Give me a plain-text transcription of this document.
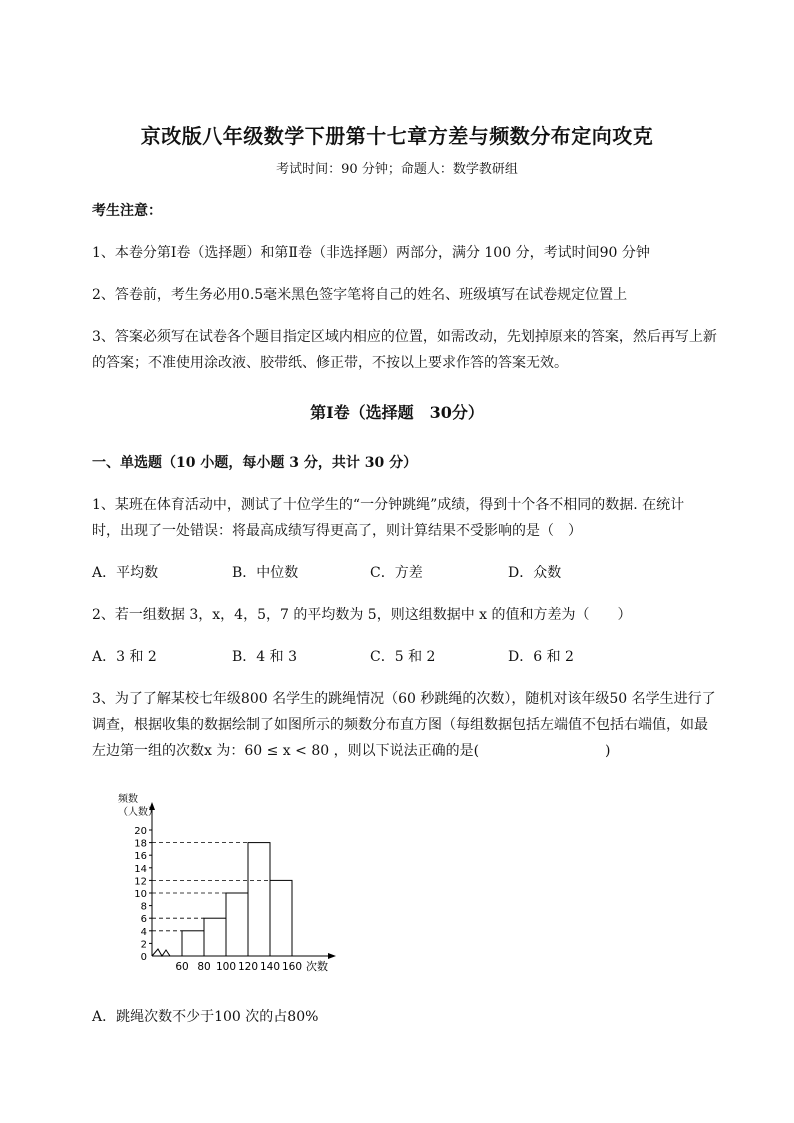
京改版八年级数学下册第十七章方差与频数分布定向攻克
考试时间：90 分钟；命题人：数学教研组
考生注意：
1、本卷分第Ⅰ卷（选择题）和第Ⅱ卷（非选择题）两部分，满分 100 分，考试时间90 分钟
2、答卷前，考生务必用0.5毫米黑色签字笔将自己的姓名、班级填写在试卷规定位置上
3、答案必须写在试卷各个题目指定区域内相应的位置，如需改动，先划掉原来的答案，然后再写上新
的答案；不准使用涂改液、胶带纸、修正带，不按以上要求作答的答案无效。
第Ⅰ卷（选择题　30分）
一、单选题（10 小题，每小题 3 分，共计 30 分）
1、某班在体育活动中，测试了十位学生的“一分钟跳绳”成绩，得到十个各不相同的数据. 在统计
时，出现了一处错误：将最高成绩写得更高了，则计算结果不受影响的是（　）
A．平均数	B．中位数	C．方差	D．众数
2、若一组数据 3，x，4，5，7 的平均数为 5，则这组数据中 x 的值和方差为（　　）
A．3 和 2	B．4 和 3	C．5 和 2	D．6 和 2
3、为了了解某校七年级800 名学生的跳绳情况（60 秒跳绳的次数），随机对该年级50 名学生进行了
调查，根据收集的数据绘制了如图所示的频数分布直方图（每组数据包括左端值不包括右端值，如最
左边第一组的次数x 为：60 ≤ x < 80 ，则以下说法正确的是(　　　　　　　　　)
0
2
4
6
8
10
12
14
16
18
20
频数
（人数）
60 80 100 120 140 160 次数
A．跳绳次数不少于100 次的占80%
